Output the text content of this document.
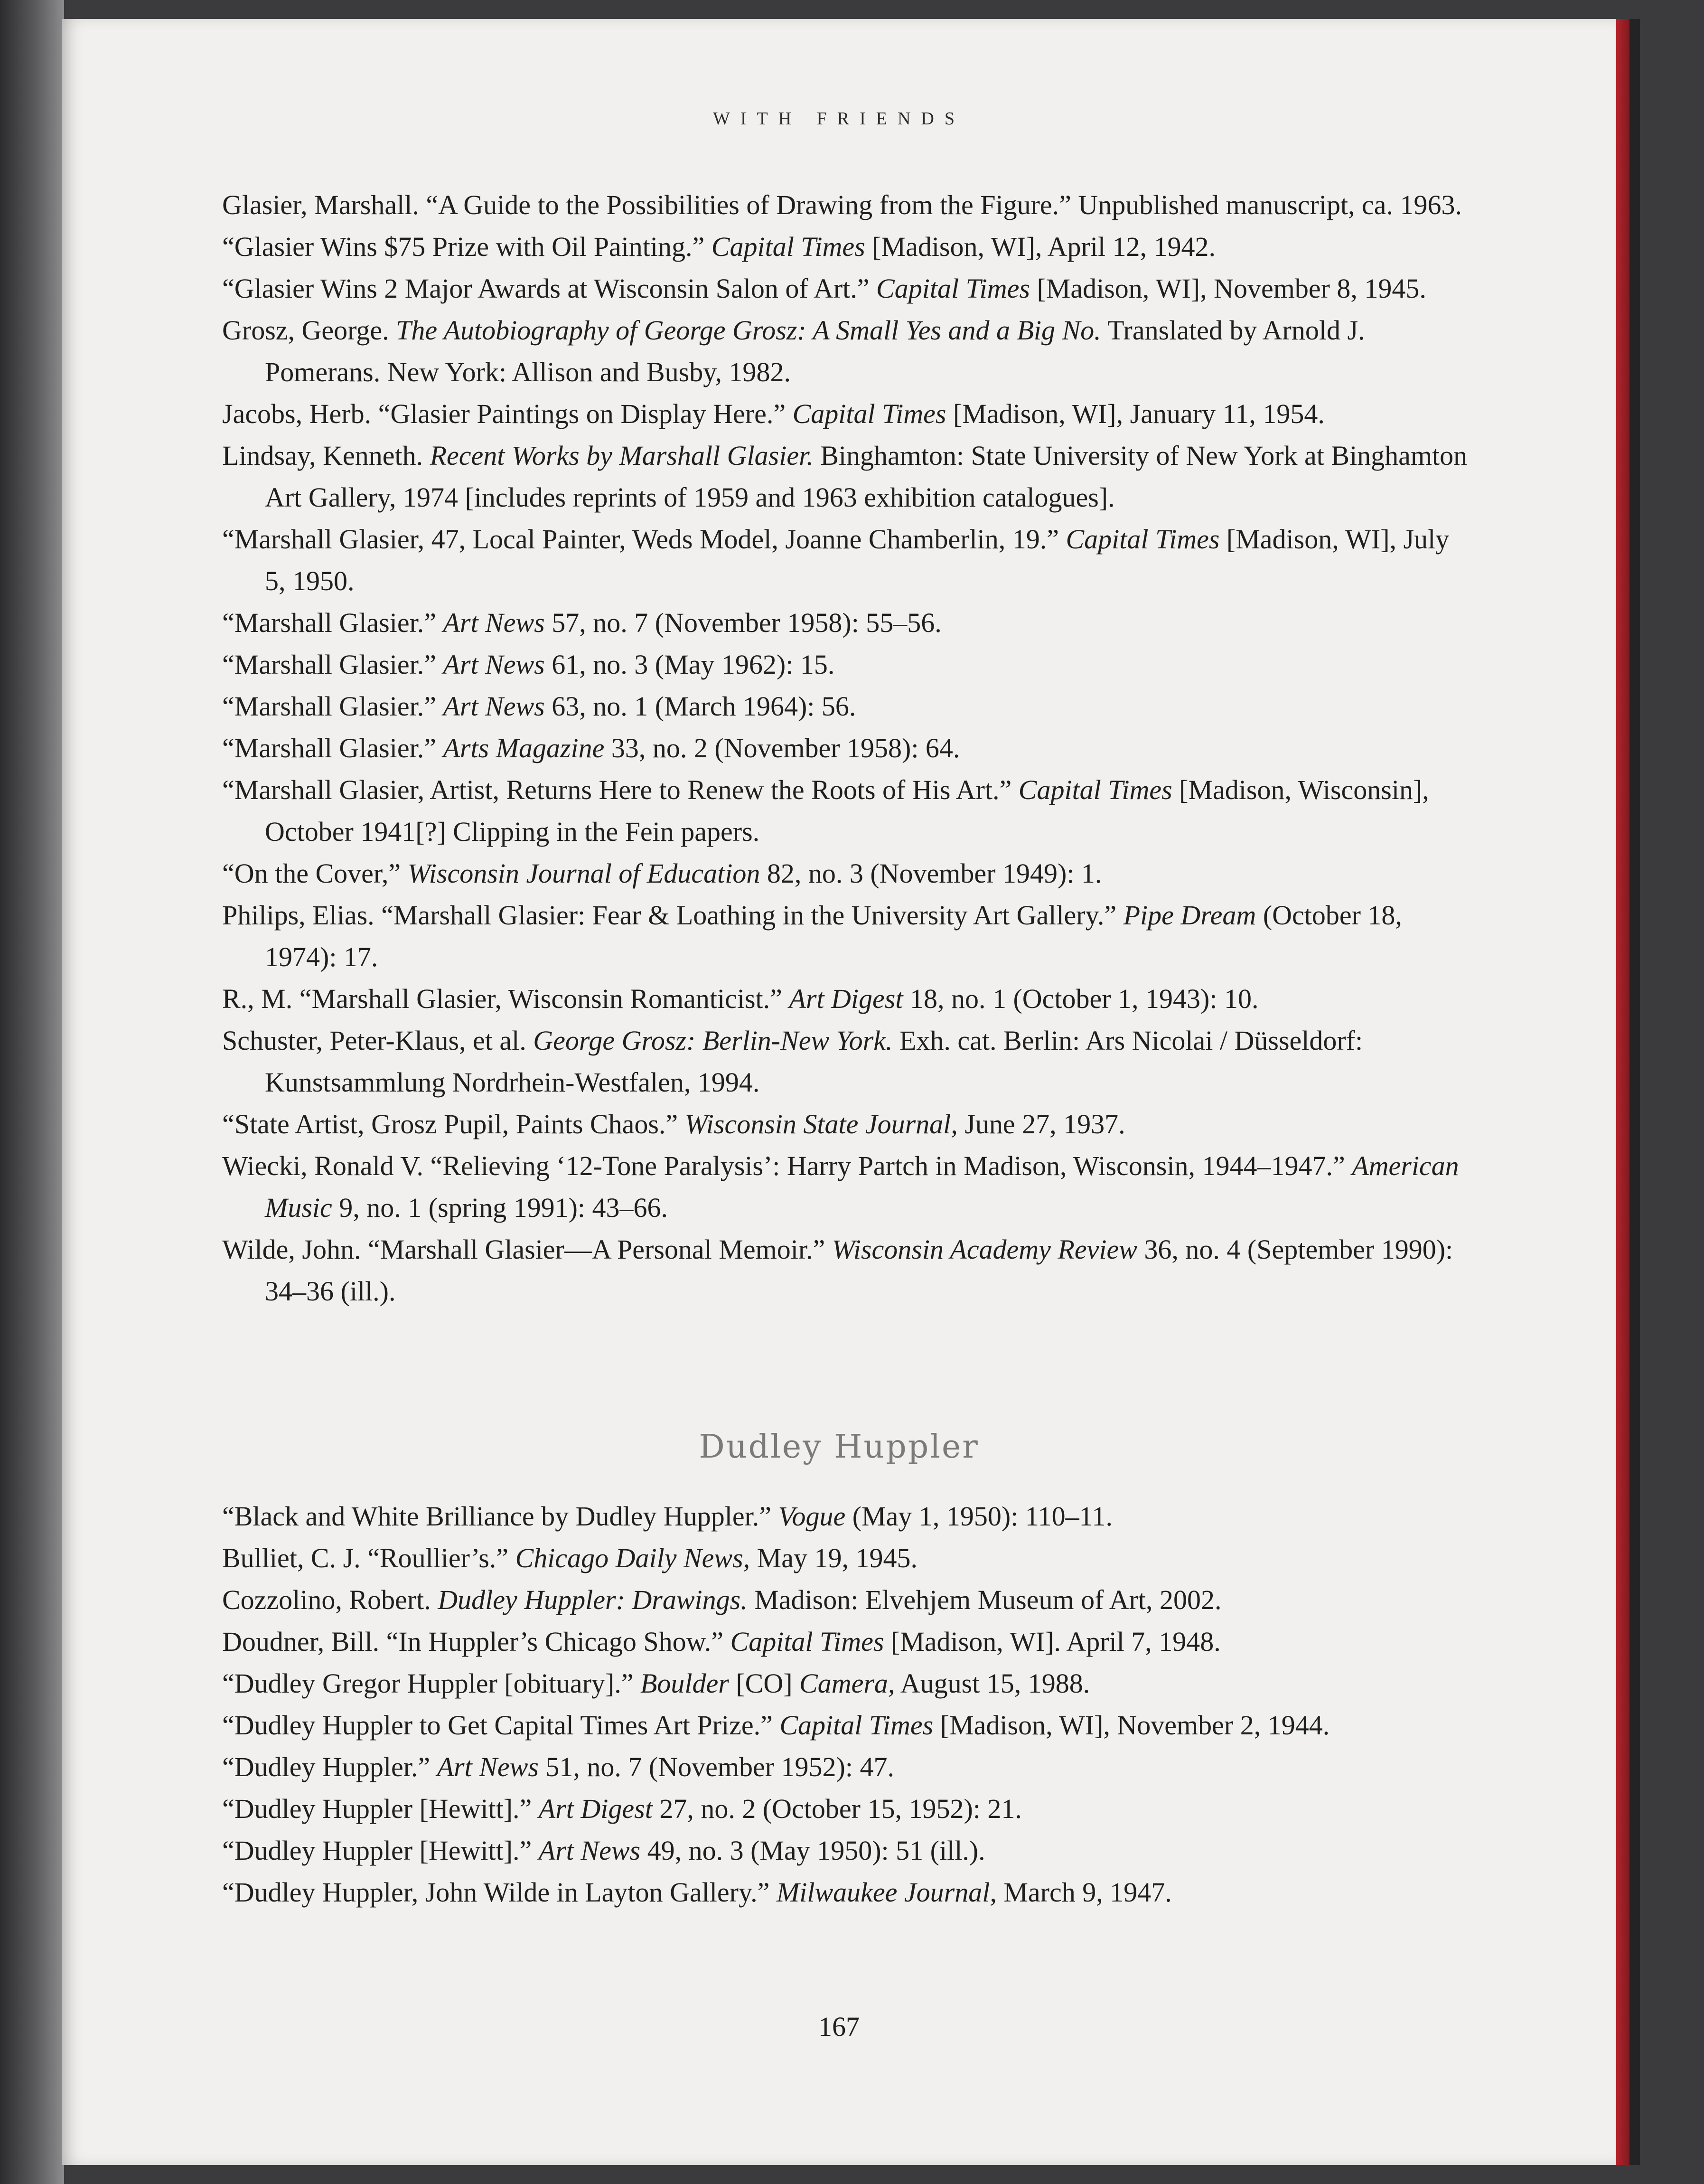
WITH FRIENDS

Glasier, Marshall. “A Guide to the Possibilities of Drawing from the Figure.” Unpublished manuscript, ca. 1963.

“Glasier Wins $75 Prize with Oil Painting.” Capital Times [Madison, WI], April 12, 1942.

“Glasier Wins 2 Major Awards at Wisconsin Salon of Art.” Capital Times [Madison, WI], November 8, 1945.

Grosz, George. The Autobiography of George Grosz: A Small Yes and a Big No. Translated by Arnold J. Pomerans. New York: Allison and Busby, 1982.

Jacobs, Herb. “Glasier Paintings on Display Here.” Capital Times [Madison, WI], January 11, 1954.

Lindsay, Kenneth. Recent Works by Marshall Glasier. Binghamton: State University of New York at Binghamton Art Gallery, 1974 [includes reprints of 1959 and 1963 exhibition catalogues].

“Marshall Glasier, 47, Local Painter, Weds Model, Joanne Chamberlin, 19.” Capital Times [Madison, WI], July 5, 1950.

“Marshall Glasier.” Art News 57, no. 7 (November 1958): 55–56.

“Marshall Glasier.” Art News 61, no. 3 (May 1962): 15.

“Marshall Glasier.” Art News 63, no. 1 (March 1964): 56.

“Marshall Glasier.” Arts Magazine 33, no. 2 (November 1958): 64.

“Marshall Glasier, Artist, Returns Here to Renew the Roots of His Art.” Capital Times [Madison, Wisconsin], October 1941[?] Clipping in the Fein papers.

“On the Cover,” Wisconsin Journal of Education 82, no. 3 (November 1949): 1.

Philips, Elias. “Marshall Glasier: Fear & Loathing in the University Art Gallery.” Pipe Dream (October 18, 1974): 17.

R., M. “Marshall Glasier, Wisconsin Romanticist.” Art Digest 18, no. 1 (October 1, 1943): 10.

Schuster, Peter-Klaus, et al. George Grosz: Berlin-New York. Exh. cat. Berlin: Ars Nicolai / Düsseldorf: Kunstsammlung Nordrhein-Westfalen, 1994.

“State Artist, Grosz Pupil, Paints Chaos.” Wisconsin State Journal, June 27, 1937.

Wiecki, Ronald V. “Relieving ‘12-Tone Paralysis’: Harry Partch in Madison, Wisconsin, 1944–1947.” American Music 9, no. 1 (spring 1991): 43–66.

Wilde, John. “Marshall Glasier—A Personal Memoir.” Wisconsin Academy Review 36, no. 4 (September 1990): 34–36 (ill.).

Dudley Huppler

“Black and White Brilliance by Dudley Huppler.” Vogue (May 1, 1950): 110–11.

Bulliet, C. J. “Roullier’s.” Chicago Daily News, May 19, 1945.

Cozzolino, Robert. Dudley Huppler: Drawings. Madison: Elvehjem Museum of Art, 2002.

Doudner, Bill. “In Huppler’s Chicago Show.” Capital Times [Madison, WI]. April 7, 1948.

“Dudley Gregor Huppler [obituary].” Boulder [CO] Camera, August 15, 1988.

“Dudley Huppler to Get Capital Times Art Prize.” Capital Times [Madison, WI], November 2, 1944.

“Dudley Huppler.” Art News 51, no. 7 (November 1952): 47.

“Dudley Huppler [Hewitt].” Art Digest 27, no. 2 (October 15, 1952): 21.

“Dudley Huppler [Hewitt].” Art News 49, no. 3 (May 1950): 51 (ill.).

“Dudley Huppler, John Wilde in Layton Gallery.” Milwaukee Journal, March 9, 1947.

167
